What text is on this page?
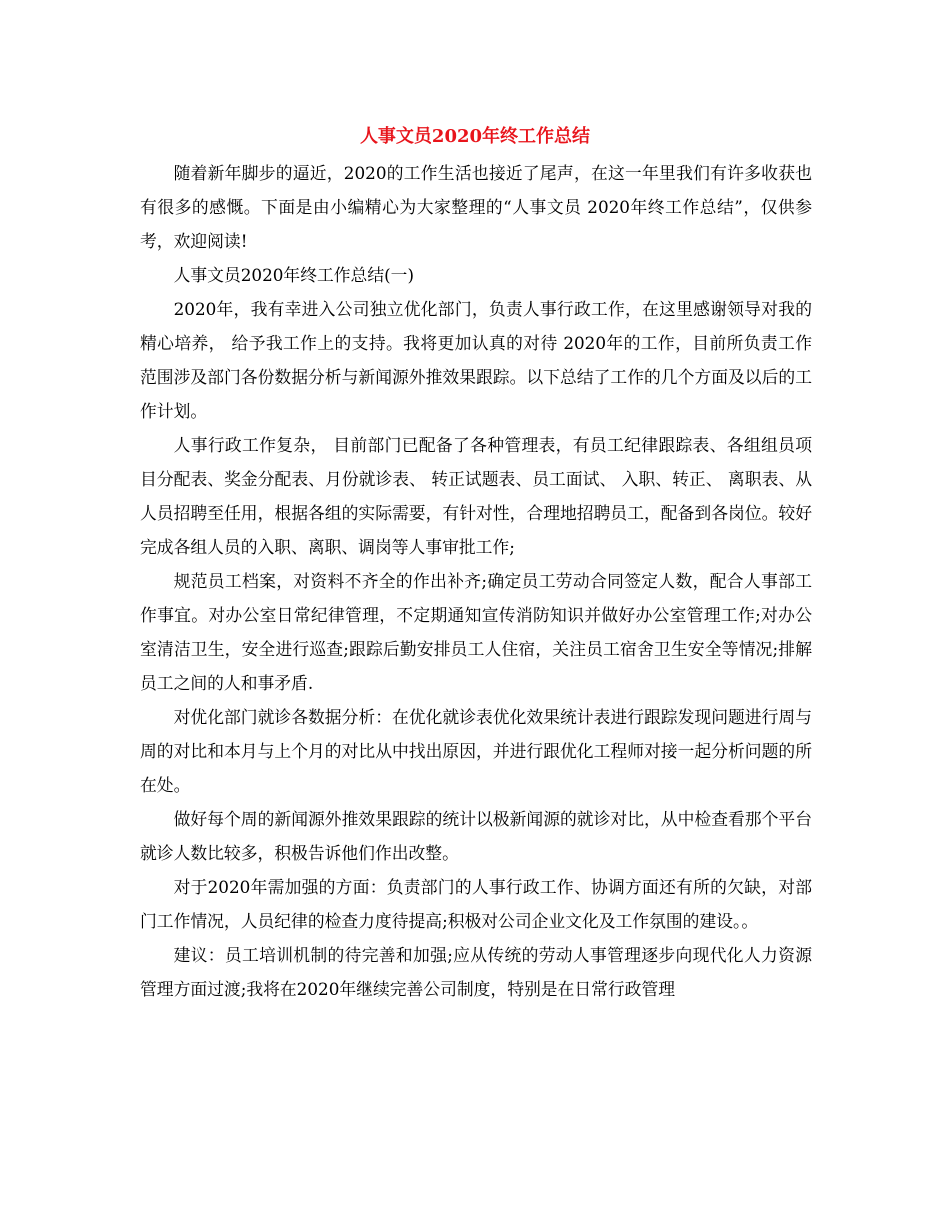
人事文员2020年终工作总结

随着新年脚步的逼近，2020的工作生活也接近了尾声，在这一年里我们有许多收获也有很多的感慨。下面是由小编精心为大家整理的“人事文员 2020年终工作总结”，仅供参考，欢迎阅读!

人事文员2020年终工作总结(一)

2020年，我有幸进入公司独立优化部门，负责人事行政工作，在这里感谢领导对我的精心培养， 给予我工作上的支持。我将更加认真的对待 2020年的工作，目前所负责工作范围涉及部门各份数据分析与新闻源外推效果跟踪。以下总结了工作的几个方面及以后的工作计划。

人事行政工作复杂， 目前部门已配备了各种管理表，有员工纪律跟踪表、各组组员项目分配表、奖金分配表、月份就诊表、 转正试题表、员工面试、 入职、转正、 离职表、从人员招聘至任用，根据各组的实际需要，有针对性，合理地招聘员工，配备到各岗位。较好完成各组人员的入职、离职、调岗等人事审批工作;

规范员工档案，对资料不齐全的作出补齐;确定员工劳动合同签定人数，配合人事部工作事宜。对办公室日常纪律管理，不定期通知宣传消防知识并做好办公室管理工作;对办公室清洁卫生，安全进行巡查;跟踪后勤安排员工人住宿，关注员工宿舍卫生安全等情况;排解员工之间的人和事矛盾.

对优化部门就诊各数据分析：在优化就诊表优化效果统计表进行跟踪发现问题进行周与周的对比和本月与上个月的对比从中找出原因，并进行跟优化工程师对接一起分析问题的所在处。

做好每个周的新闻源外推效果跟踪的统计以极新闻源的就诊对比，从中检查看那个平台就诊人数比较多，积极告诉他们作出改整。

对于2020年需加强的方面：负责部门的人事行政工作、协调方面还有所的欠缺，对部门工作情况，人员纪律的检查力度待提高;积极对公司企业文化及工作氛围的建设。。

建议：员工培训机制的待完善和加强;应从传统的劳动人事管理逐步向现代化人力资源管理方面过渡;我将在2020年继续完善公司制度，特别是在日常行政管理
